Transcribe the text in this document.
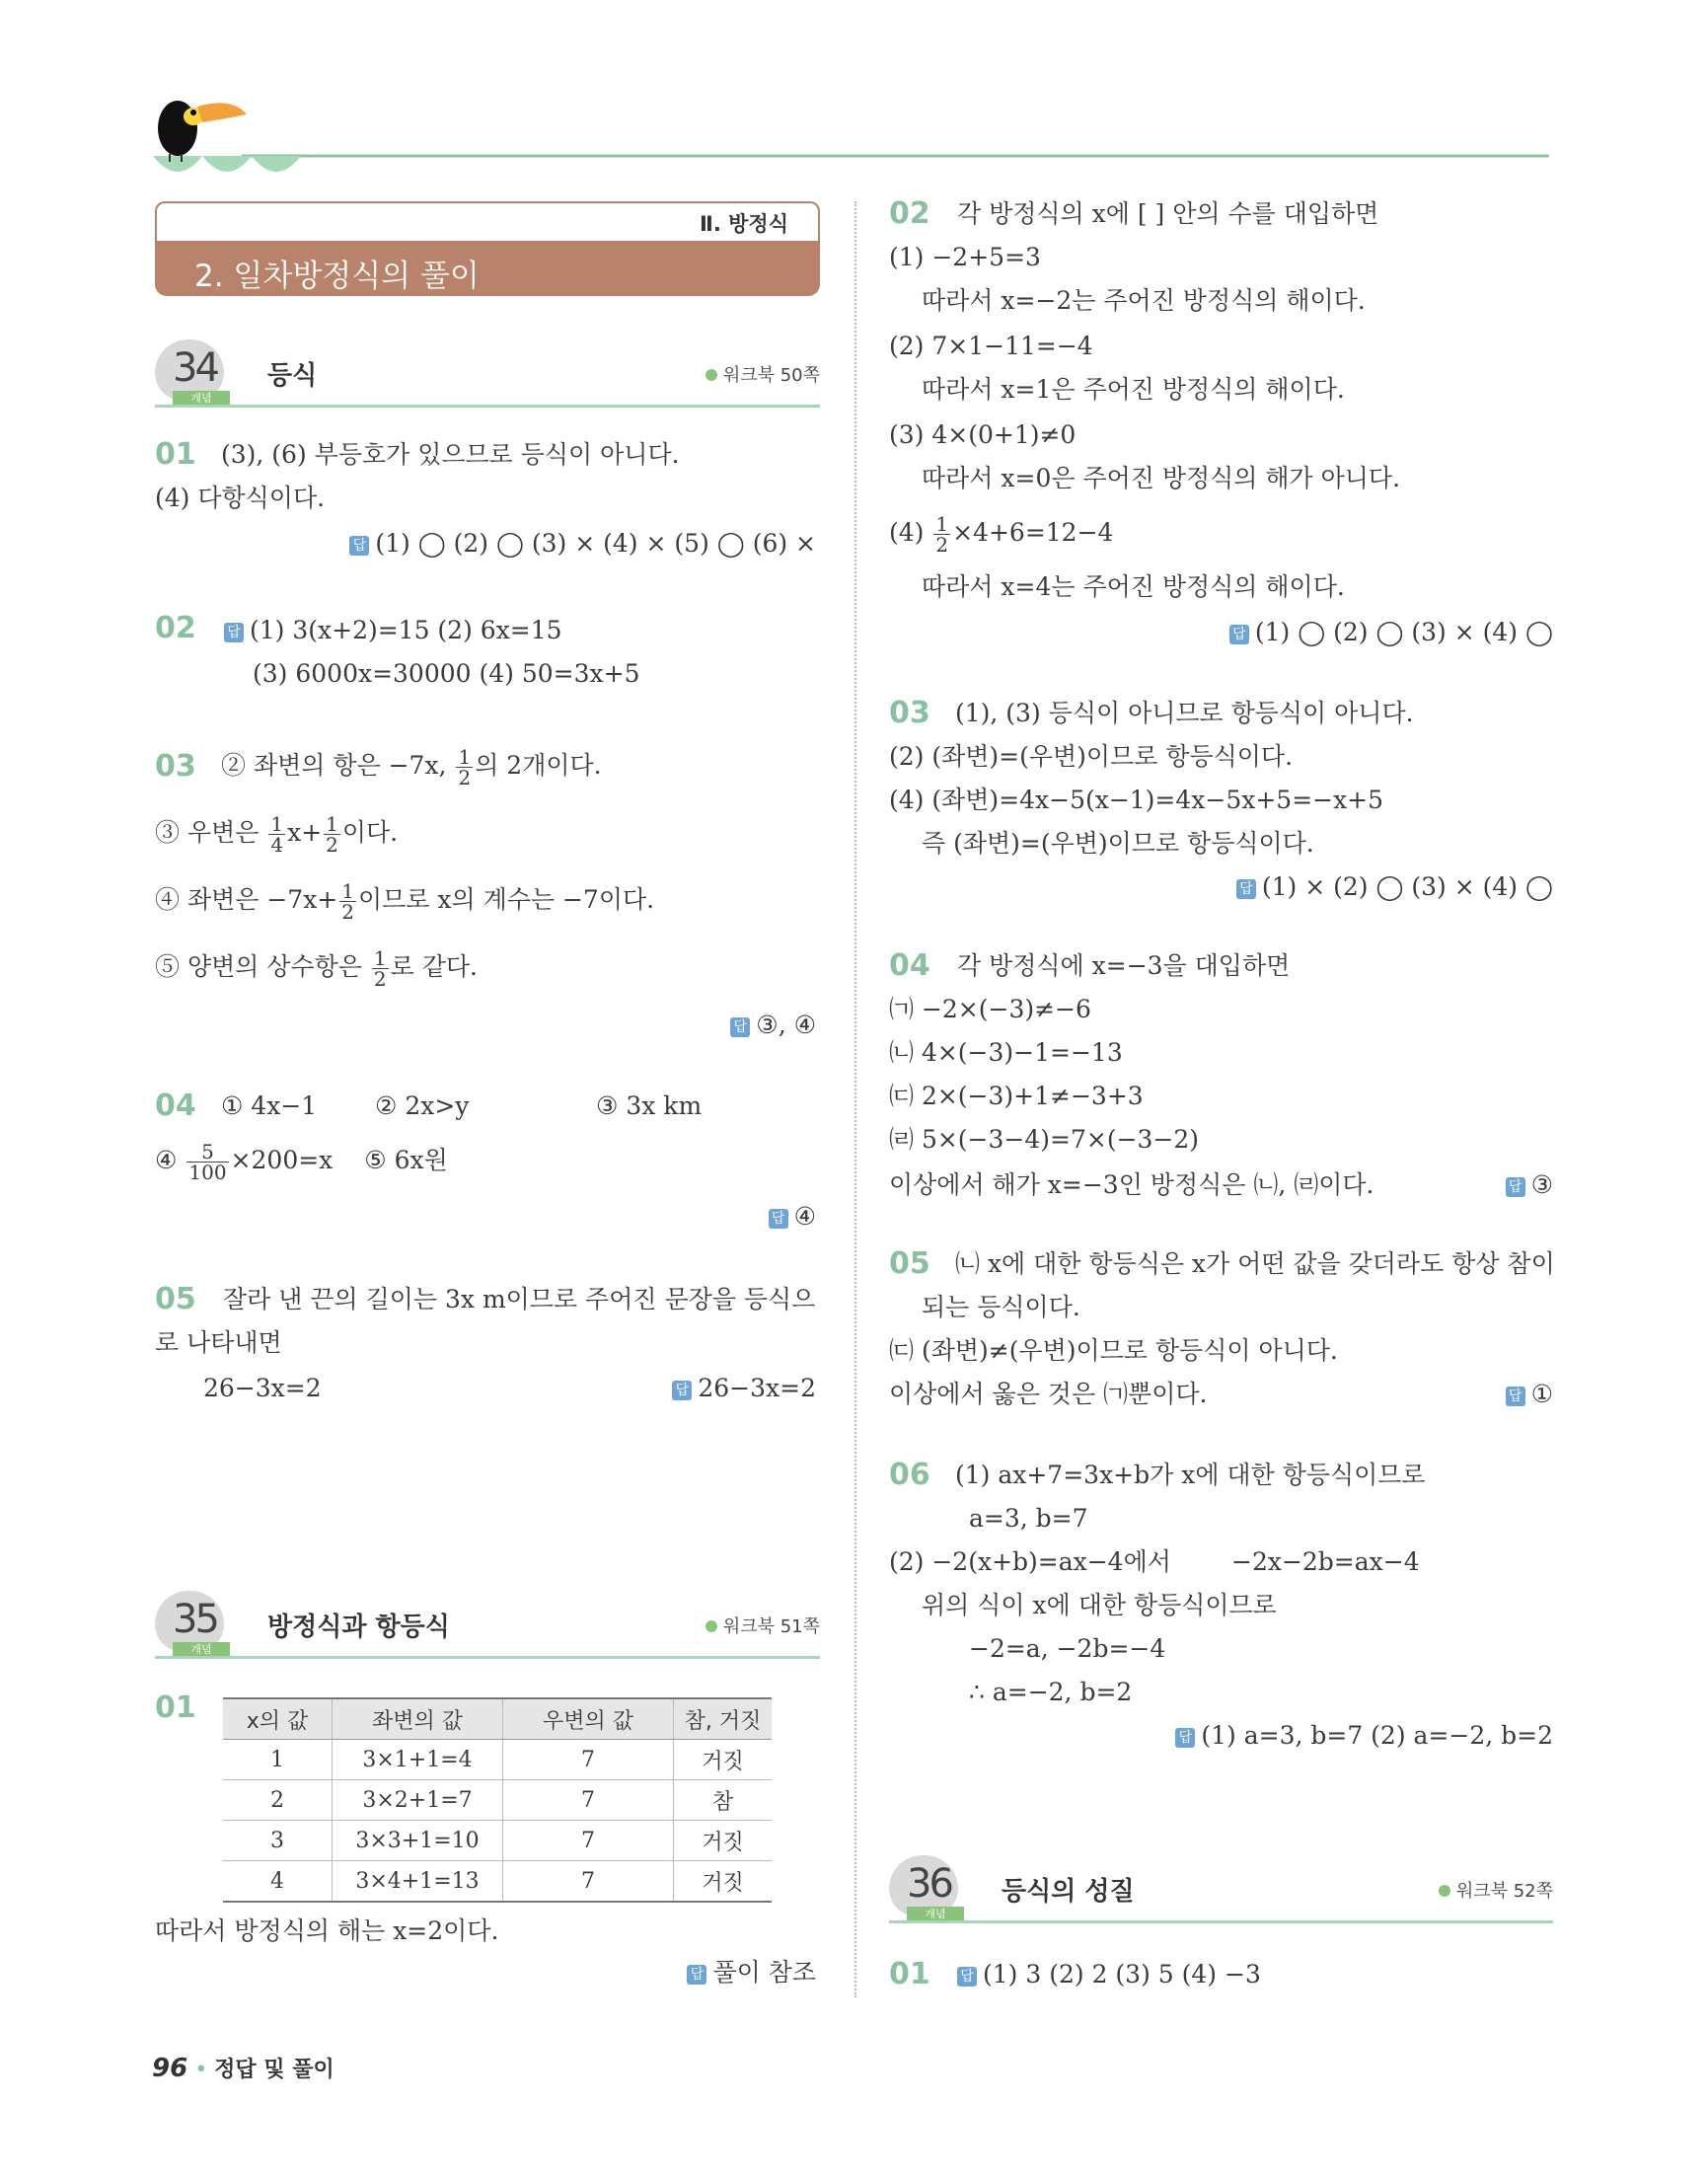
Ⅱ. 방정식
2. 일차방정식의 풀이
34
개념
등식	워크북 50쪽
01 (3), (6) 부등호가 있으므로 등식이 아니다.
(4) 다항식이다.
답 (1) ◯ (2) ◯ (3) × (4) × (5) ◯ (6) ×
02 답 (1) 3(x+2)=15 (2) 6x=15
(3) 6000x=30000 (4) 50=3x+5
03 ② 좌변의 항은 −7x, $\frac{1}{2}$ 의 2개이다.
③ 우변은 $\frac{1}{4} x+ \frac{1}{2}$ 이다.
④ 좌변은 $-7x+ \frac{1}{2}$ 이므로 x의 계수는 −7이다.
⑤ 양변의 상수항은 $\frac{1}{2}$ 로 같다.
답 ③, ④
04 ① 4x−1 ② 2x>y	③ 3x km
④ $\frac{5}{100} \times 200=x$ ⑤ 6x원
답 ④
05 잘라 낸 끈의 길이는 3x m이므로 주어진 문장을 등식으
로 나타내면
26−3x=2	답 26−3x=2
35
개념
방정식과 항등식	워크북 51쪽
01 x의 값	좌변의 값	우변의 값	참, 거짓
1	3×1+1=4	7	거짓
2	3×2+1=7	7	참
3	3×3+1=10	7	거짓
4	3×4+1=13	7	거짓
따라서 방정식의 해는 x=2이다.
답 풀이 참조
02 각 방정식의 x에 [ ] 안의 수를 대입하면
(1) −2+5=3
따라서 x=−2는 주어진 방정식의 해이다.
(2) 7×1−11=−4
따라서 x=1은 주어진 방정식의 해이다.
(3) 4×(0+1)≠0
따라서 x=0은 주어진 방정식의 해가 아니다.
$(4) \frac{1}{2} \times 4+6=12-4$
따라서 x=4는 주어진 방정식의 해이다.
답 (1) ◯ (2) ◯ (3) × (4) ◯
03 (1), (3) 등식이 아니므로 항등식이 아니다.
(2) (좌변)=(우변)이므로 항등식이다.
(4) (좌변)=4x−5(x−1)=4x−5x+5=−x+5
즉 (좌변)=(우변)이므로 항등식이다.
답 (1) × (2) ◯ (3) × (4) ◯
04 각 방정식에 x=−3을 대입하면
㈀ −2×(−3)≠−6
㈁ 4×(−3)−1=−13
㈂ 2×(−3)+1≠−3+3
㈃ 5×(−3−4)=7×(−3−2)
이상에서 해가 x=−3인 방정식은 ㈁, ㈃이다.	답 ③
05 ㈁ x에 대한 항등식은 x가 어떤 값을 갖더라도 항상 참이
되는 등식이다.
㈂ (좌변)≠(우변)이므로 항등식이 아니다.
이상에서 옳은 것은 ㈀뿐이다.	답 ①
06 (1) ax+7=3x+b가 x에 대한 항등식이므로
a=3, b=7
(2) −2(x+b)=ax−4에서 −2x−2b=ax−4
위의 식이 x에 대한 항등식이므로
−2=a, −2b=−4
∴ a=−2, b=2
답 (1) a=3, b=7 (2) a=−2, b=2
36
개념
등식의 성질	워크북 52쪽
01 답 (1) 3 (2) 2 (3) 5 (4) −3
96 • 정답 및 풀이
